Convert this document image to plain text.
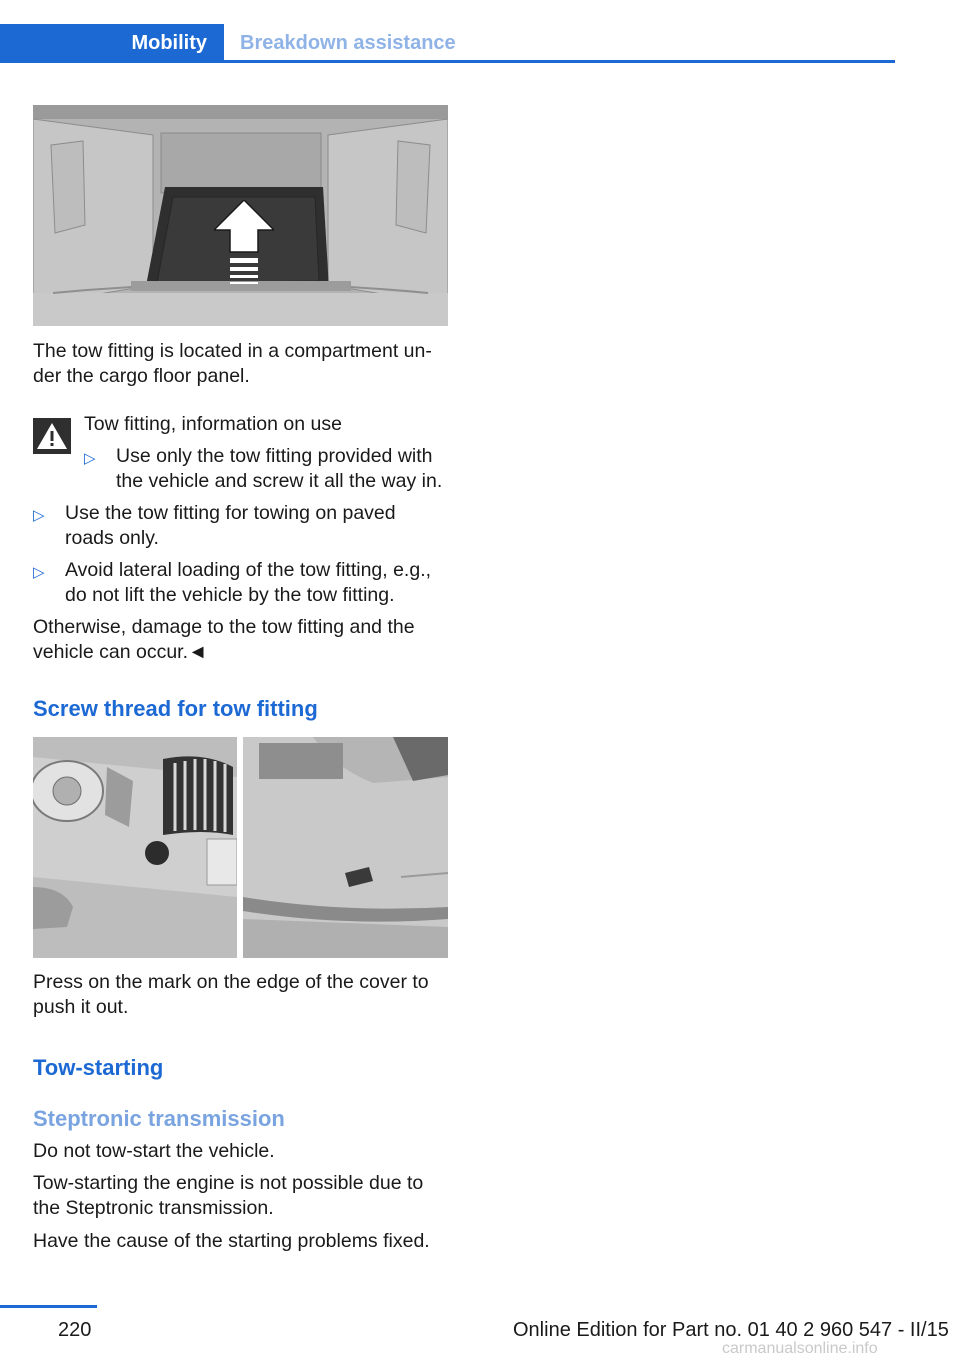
Mobility	Breakdown assistance

The tow fitting is located in a compartment un-der the cargo floor panel.

Tow fitting, information on use
▷ Use only the tow fitting provided with the vehicle and screw it all the way in.
▷ Use the tow fitting for towing on paved roads only.
▷ Avoid lateral loading of the tow fitting, e.g., do not lift the vehicle by the tow fitting.

Otherwise, damage to the tow fitting and the vehicle can occur.◄

Screw thread for tow fitting

Press on the mark on the edge of the cover to push it out.

Tow-starting
Steptronic transmission

Do not tow-start the vehicle.

Tow-starting the engine is not possible due to the Steptronic transmission.

Have the cause of the starting problems fixed.

220	Online Edition for Part no. 01 40 2 960 547 - II/15
carmanualsonline.info
